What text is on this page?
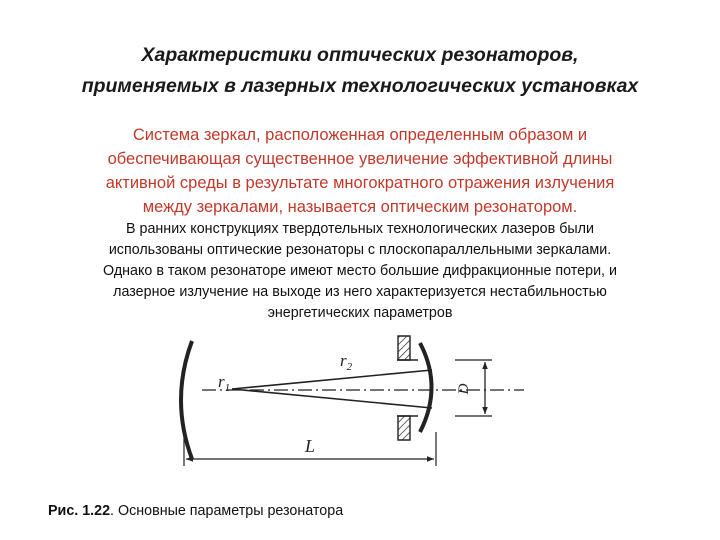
Характеристики оптических резонаторов,
применяемых в лазерных технологических установках
Система зеркал, расположенная определенным образом и
обеспечивающая существенное увеличение эффективной длины
активной среды в результате многократного отражения излучения
между зеркалами, называется оптическим резонатором.
В ранних конструкциях твердотельных технологических лазеров были
использованы оптические резонаторы с плоскопараллельными зеркалами.
Однако в таком резонаторе имеют место большие дифракционные потери, и
лазерное излучение на выходе из него характеризуется нестабильностью
энергетических параметров
$r_1$
$r_2$
D
L
Рис. 1.22. Основные параметры резонатора
